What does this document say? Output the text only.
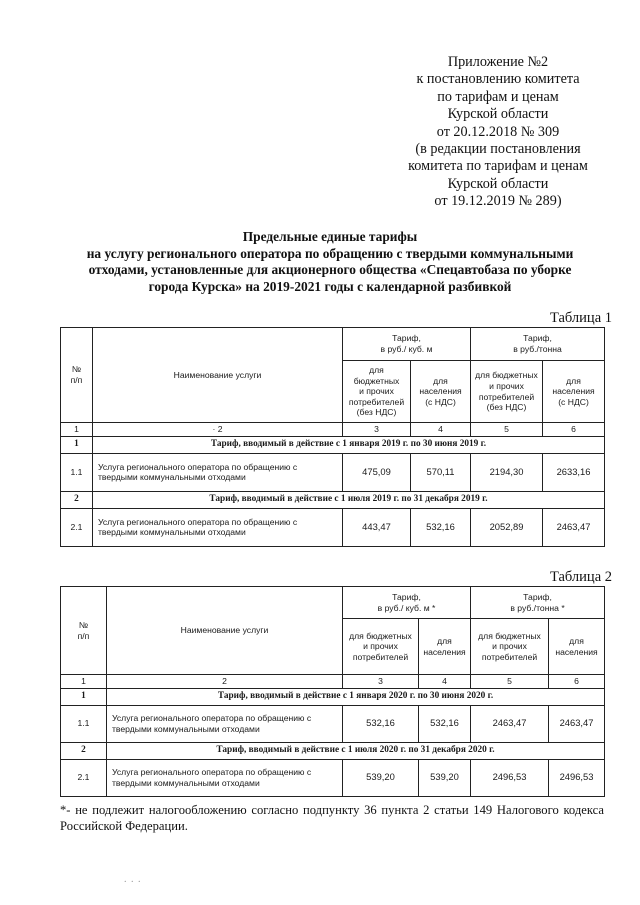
Приложение №2
к постановлению комитета
по тарифам и ценам
Курской области
от 20.12.2018 № 309
(в редакции постановления
комитета по тарифам и ценам
Курской области
от 19.12.2019 № 289)
Предельные единые тарифы
на услугу регионального оператора по обращению с твердыми коммунальными
отходами, установленные для акционерного общества «Спецавтобаза по уборке
города Курска» на 2019-2021 годы с календарной разбивкой
Таблица 1
№
п/п	Наименование услуги	Тариф,
в руб./ куб. м		Тариф,
в руб./тонна	
		для бюджетных
и прочих
потребителей
(без НДС)	для
населения
(с НДС)	для бюджетных
и прочих
потребителей
(без НДС)	для
населения
(с НДС)
1	· 2	3	4	5	6
1	Тариф, вводимый в действие с 1 января 2019 г. по 30 июня 2019 г.				
1.1	Услуга регионального оператора по обращению с твердыми коммунальными отходами	475,09	570,11	2194,30	2633,16
2	Тариф, вводимый в действие с 1 июля 2019 г. по 31 декабря 2019 г.				
2.1	Услуга регионального оператора по обращению с твердыми коммунальными отходами	443,47	532,16	2052,89	2463,47
Таблица 2
№
п/п	Наименование услуги	Тариф,
в руб./ куб. м *		Тариф,
в руб./тонна *	
		для бюджетных
и прочих
потребителей	для
населения	для бюджетных
и прочих
потребителей	для
населения
1	2	3	4	5	6
1	Тариф, вводимый в действие с 1 января 2020 г. по 30 июня 2020 г.				
1.1	Услуга регионального оператора по обращению с твердыми коммунальными отходами	532,16	532,16	2463,47	2463,47
2	Тариф, вводимый в действие с 1 июля 2020 г. по 31 декабря 2020 г.				
2.1	Услуга регионального оператора по обращению с твердыми коммунальными отходами	539,20	539,20	2496,53	2496,53
*- не подлежит налогообложению согласно подпункту 36 пункта 2 статьи 149 Налогового кодекса Российской Федерации.
. . .
